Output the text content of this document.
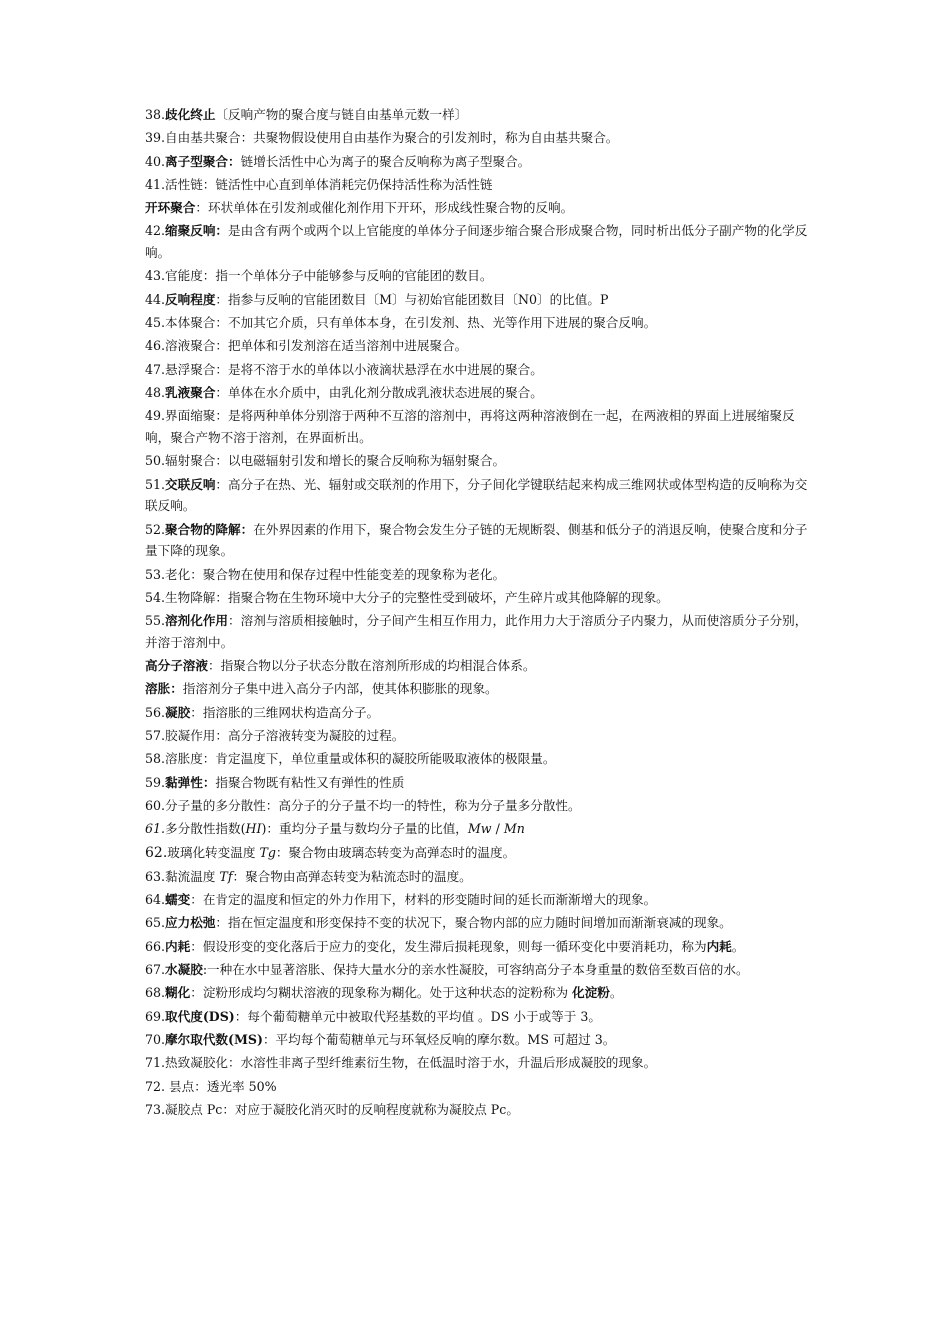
38.歧化终止〔反响产物的聚合度与链自由基单元数一样〕

39.自由基共聚合：共聚物假设使用自由基作为聚合的引发剂时，称为自由基共聚合。

40.离子型聚合：链增长活性中心为离子的聚合反响称为离子型聚合。

41.活性链：链活性中心直到单体消耗完仍保持活性称为活性链

开环聚合：环状单体在引发剂或催化剂作用下开环，形成线性聚合物的反响。

42.缩聚反响：是由含有两个或两个以上官能度的单体分子间逐步缩合聚合形成聚合物，同时析出低分子副产物的化学反响。

43.官能度：指一个单体分子中能够参与反响的官能团的数目。

44.反响程度：指参与反响的官能团数目〔M〕与初始官能团数目〔N0〕的比值。P

45.本体聚合：不加其它介质，只有单体本身，在引发剂、热、光等作用下进展的聚合反响。

46.溶液聚合：把单体和引发剂溶在适当溶剂中进展聚合。

47.悬浮聚合：是将不溶于水的单体以小液滴状悬浮在水中进展的聚合。

48.乳液聚合：单体在水介质中，由乳化剂分散成乳液状态进展的聚合。

49.界面缩聚：是将两种单体分别溶于两种不互溶的溶剂中，再将这两种溶液倒在一起，在两液相的界面上进展缩聚反响，聚合产物不溶于溶剂，在界面析出。

50.辐射聚合：以电磁辐射引发和增长的聚合反响称为辐射聚合。

51.交联反响：高分子在热、光、辐射或交联剂的作用下，分子间化学键联结起来构成三维网状或体型构造的反响称为交联反响。

52.聚合物的降解：在外界因素的作用下，聚合物会发生分子链的无规断裂、侧基和低分子的消退反响，使聚合度和分子量下降的现象。

53.老化：聚合物在使用和保存过程中性能变差的现象称为老化。

54.生物降解：指聚合物在生物环境中大分子的完整性受到破坏，产生碎片或其他降解的现象。

55.溶剂化作用：溶剂与溶质相接触时，分子间产生相互作用力，此作用力大于溶质分子内聚力，从而使溶质分子分别，并溶于溶剂中。

高分子溶液：指聚合物以分子状态分散在溶剂所形成的均相混合体系。

溶胀：指溶剂分子集中进入高分子内部，使其体积膨胀的现象。

56.凝胶：指溶胀的三维网状构造高分子。

57.胶凝作用：高分子溶液转变为凝胶的过程。

58.溶胀度：肯定温度下，单位重量或体积的凝胶所能吸取液体的极限量。

59.黏弹性：指聚合物既有粘性又有弹性的性质

60.分子量的多分散性：高分子的分子量不均一的特性，称为分子量多分散性。

61.多分散性指数(HI)：重均分子量与数均分子量的比值，Mw / Mn

62.玻璃化转变温度 Tg：聚合物由玻璃态转变为高弹态时的温度。

63.黏流温度 Tf：聚合物由高弹态转变为粘流态时的温度。

64.蠕变：在肯定的温度和恒定的外力作用下，材料的形变随时间的延长而渐渐增大的现象。

65.应力松弛：指在恒定温度和形变保持不变的状况下，聚合物内部的应力随时间增加而渐渐衰减的现象。

66.内耗：假设形变的变化落后于应力的变化，发生滞后损耗现象，则每一循环变化中要消耗功，称为内耗。

67.水凝胶:一种在水中显著溶胀、保持大量水分的亲水性凝胶，可容纳高分子本身重量的数倍至数百倍的水。

68.糊化：淀粉形成均匀糊状溶液的现象称为糊化。处于这种状态的淀粉称为 化淀粉。

69.取代度(DS)：每个葡萄糖单元中被取代羟基数的平均值 。DS 小于或等于 3。

70.摩尔取代数(MS)：平均每个葡萄糖单元与环氧烃反响的摩尔数。MS 可超过 3。

71.热致凝胶化：水溶性非离子型纤维素衍生物，在低温时溶于水，升温后形成凝胶的现象。

72. 昙点：透光率 50%

73.凝胶点 Pc：对应于凝胶化消灭时的反响程度就称为凝胶点 Pc。
